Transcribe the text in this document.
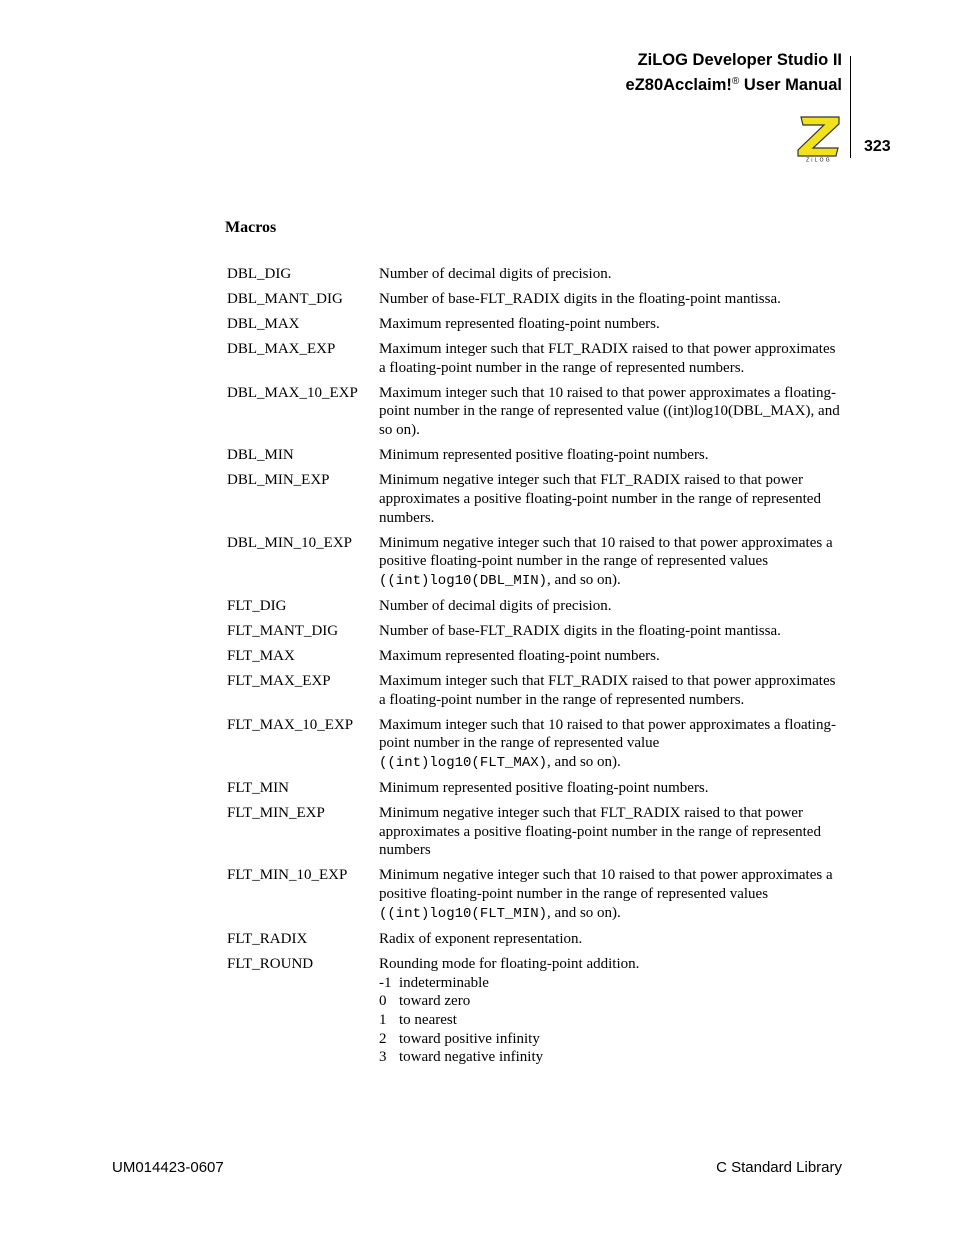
ZiLOG Developer Studio II
eZ80Acclaim!® User Manual
ZiLOG
323
Macros
DBL_DIG	Number of decimal digits of precision.
DBL_MANT_DIG	Number of base-FLT_RADIX digits in the floating-point mantissa.
DBL_MAX	Maximum represented floating-point numbers.
DBL_MAX_EXP	Maximum integer such that FLT_RADIX raised to that power approximates a floating-point number in the range of represented numbers.
DBL_MAX_10_EXP	Maximum integer such that 10 raised to that power approximates a floating-point number in the range of represented value ((int)log10(DBL_MAX), and so on).
DBL_MIN	Minimum represented positive floating-point numbers.
DBL_MIN_EXP	Minimum negative integer such that FLT_RADIX raised to that power approximates a positive floating-point number in the range of represented numbers.
DBL_MIN_10_EXP	Minimum negative integer such that 10 raised to that power approximates a positive floating-point number in the range of represented values
((int)log10(DBL_MIN), and so on).
FLT_DIG	Number of decimal digits of precision.
FLT_MANT_DIG	Number of base-FLT_RADIX digits in the floating-point mantissa.
FLT_MAX	Maximum represented floating-point numbers.
FLT_MAX_EXP	Maximum integer such that FLT_RADIX raised to that power approximates a floating-point number in the range of represented numbers.
FLT_MAX_10_EXP	Maximum integer such that 10 raised to that power approximates a floating-point number in the range of represented value
((int)log10(FLT_MAX), and so on).
FLT_MIN	Minimum represented positive floating-point numbers.
FLT_MIN_EXP	Minimum negative integer such that FLT_RADIX raised to that power approximates a positive floating-point number in the range of represented numbers
FLT_MIN_10_EXP	Minimum negative integer such that 10 raised to that power approximates a positive floating-point number in the range of represented values
((int)log10(FLT_MIN), and so on).
FLT_RADIX	Radix of exponent representation.
FLT_ROUND	Rounding mode for floating-point addition.
-1 indeterminable
0 toward zero
1 to nearest
2 toward positive infinity
3 toward negative infinity
UM014423-0607	C Standard Library
